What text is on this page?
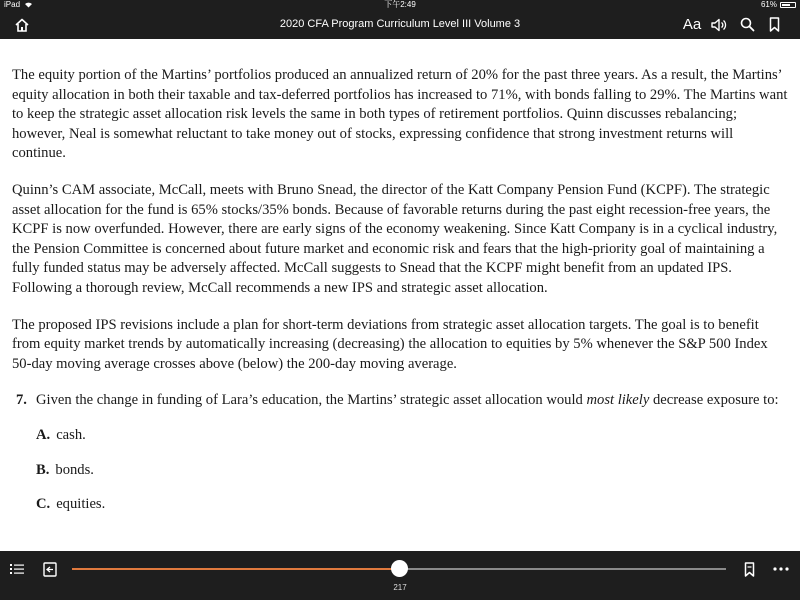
iPad	下午2:49	61%
2020 CFA Program Curriculum Level III Volume 3	Aa

The equity portion of the Martins’ portfolios produced an annualized return of 20% for the past three years. As a result, the Martins’ equity allocation in both their taxable and tax-deferred portfolios has increased to 71%, with bonds falling to 29%. The Martins want to keep the strategic asset allocation risk levels the same in both types of retirement portfolios. Quinn discusses rebalancing; however, Neal is somewhat reluctant to take money out of stocks, expressing confidence that strong investment returns will continue.

Quinn’s CAM associate, McCall, meets with Bruno Snead, the director of the Katt Company Pension Fund (KCPF). The strategic asset allocation for the fund is 65% stocks/35% bonds. Because of favorable returns during the past eight recession-free years, the KCPF is now overfunded. However, there are early signs of the economy weakening. Since Katt Company is in a cyclical industry, the Pension Committee is concerned about future market and economic risk and fears that the high-priority goal of maintaining a fully funded status may be adversely affected. McCall suggests to Snead that the KCPF might benefit from an updated IPS. Following a thorough review, McCall recommends a new IPS and strategic asset allocation.

The proposed IPS revisions include a plan for short-term deviations from strategic asset allocation targets. The goal is to benefit from equity market trends by automatically increasing (decreasing) the allocation to equities by 5% whenever the S&P 500 Index 50-day moving average crosses above (below) the 200-day moving average.

7. Given the change in funding of Lara’s education, the Martins’ strategic asset allocation would most likely decrease exposure to:
A. cash.
B. bonds.
C. equities.
217
